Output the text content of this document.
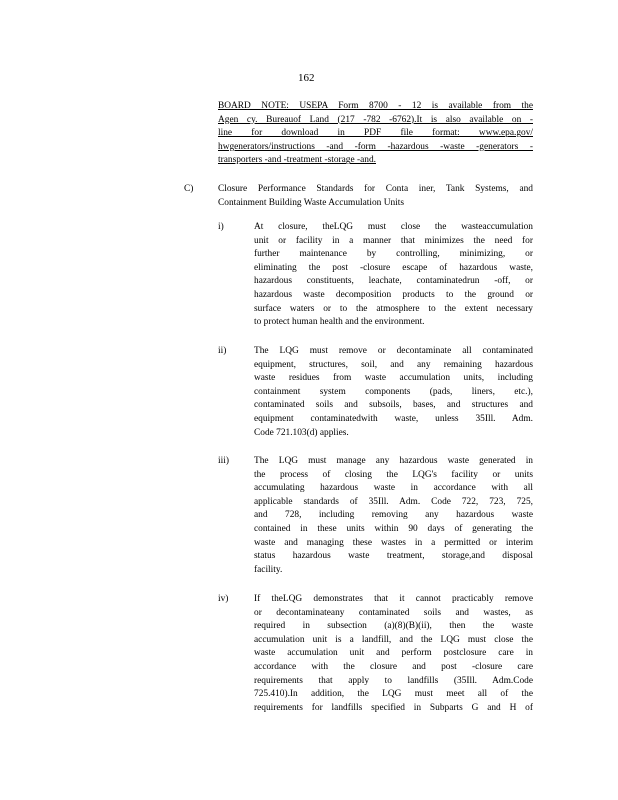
162
BOARD NOTE: USEPA Form 8700 - 12 is available from the
Agen cy. Bureauof Land (217 -782 -6762).It is also available on -
line for download in PDF file format: www.epa.gov/
hwgenerators/instructions -and -form -hazardous -waste -generators -
transporters -and -treatment -storage -and.
C)	Closure Performance Standards for Conta iner, Tank Systems, and
Containment Building Waste Accumulation Units
i)	At closure, theLQG must close the wasteaccumulation
unit or facility in a manner that minimizes the need for
further maintenance by controlling, minimizing, or
eliminating the post -closure escape of hazardous waste,
hazardous constituents, leachate, contaminatedrun -off, or
hazardous waste decomposition products to the ground or
surface waters or to the atmosphere to the extent necessary
to protect human health and the environment.
ii)	The LQG must remove or decontaminate all contaminated
equipment, structures, soil, and any remaining hazardous
waste residues from waste accumulation units, including
containment system components (pads, liners, etc.),
contaminated soils and subsoils, bases, and structures and
equipment contaminatedwith waste, unless 35Ill. Adm.
Code 721.103(d) applies.
iii)	The LQG must manage any hazardous waste generated in
the process of closing the LQG's facility or units
accumulating hazardous waste in accordance with all
applicable standards of 35Ill. Adm. Code 722, 723, 725,
and 728, including removing any hazardous waste
contained in these units within 90 days of generating the
waste and managing these wastes in a permitted or interim
status hazardous waste treatment, storage,and disposal
facility.
iv)	If theLQG demonstrates that it cannot practicably remove
or decontaminateany contaminated soils and wastes, as
required in subsection (a)(8)(B)(ii), then the waste
accumulation unit is a landfill, and the LQG must close the
waste accumulation unit and perform postclosure care in
accordance with the closure and post -closure care
requirements that apply to landfills (35Ill. Adm.Code
725.410).In addition, the LQG must meet all of the
requirements for landfills specified in Subparts G and H of
